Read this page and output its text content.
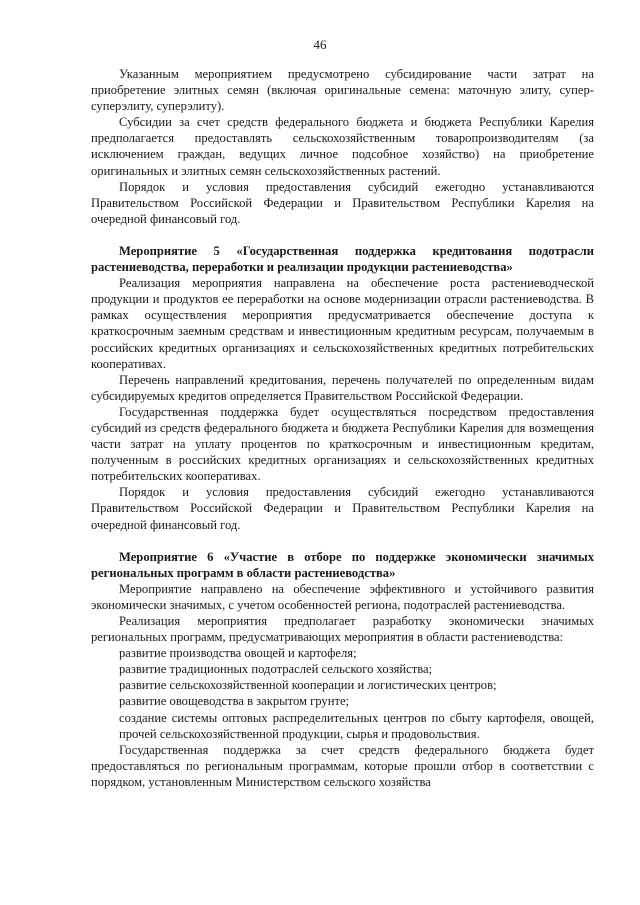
46

Указанным мероприятием предусмотрено субсидирование части затрат на приобретение элитных семян (включая оригинальные семена: маточную элиту, супер-суперэлиту, суперэлиту).

Субсидии за счет средств федерального бюджета и бюджета Республики Карелия предполагается предоставлять сельскохозяйственным товаропроизводителям (за исключением граждан, ведущих личное подсобное хозяйство) на приобретение оригинальных и элитных семян сельскохозяйственных растений.

Порядок и условия предоставления субсидий ежегодно устанавливаются Правительством Российской Федерации и Правительством Республики Карелия на очередной финансовый год.

Мероприятие 5 «Государственная поддержка кредитования подотрасли растениеводства, переработки и реализации продукции растениеводства»

Реализация мероприятия направлена на обеспечение роста растениеводческой продукции и продуктов ее переработки на основе модернизации отрасли растениеводства. В рамках осуществления мероприятия предусматривается обеспечение доступа к краткосрочным заемным средствам и инвестиционным кредитным ресурсам, получаемым в российских кредитных организациях и сельскохозяйственных кредитных потребительских кооперативах.

Перечень направлений кредитования, перечень получателей по определенным видам субсидируемых кредитов определяется Правительством Российской Федерации.

Государственная поддержка будет осуществляться посредством предоставления субсидий из средств федерального бюджета и бюджета Республики Карелия для возмещения части затрат на уплату процентов по краткосрочным и инвестиционным кредитам, полученным в российских кредитных организациях и сельскохозяйственных кредитных потребительских кооперативах.

Порядок и условия предоставления субсидий ежегодно устанавливаются Правительством Российской Федерации и Правительством Республики Карелия на очередной финансовый год.

Мероприятие 6 «Участие в отборе по поддержке экономически значимых региональных программ в области растениеводства»

Мероприятие направлено на обеспечение эффективного и устойчивого развития экономически значимых, с учетом особенностей региона, подотраслей растениеводства.

Реализация мероприятия предполагает разработку экономически значимых региональных программ, предусматривающих мероприятия в области растениеводства:

развитие производства овощей и картофеля;

развитие традиционных подотраслей сельского хозяйства;

развитие сельскохозяйственной кооперации и логистических центров;

развитие овощеводства в закрытом грунте;

создание системы оптовых распределительных центров по сбыту картофеля, овощей, прочей сельскохозяйственной продукции, сырья и продовольствия.

Государственная поддержка за счет средств федерального бюджета будет предоставляться по региональным программам, которые прошли отбор в соответствии с порядком, установленным Министерством сельского хозяйства
